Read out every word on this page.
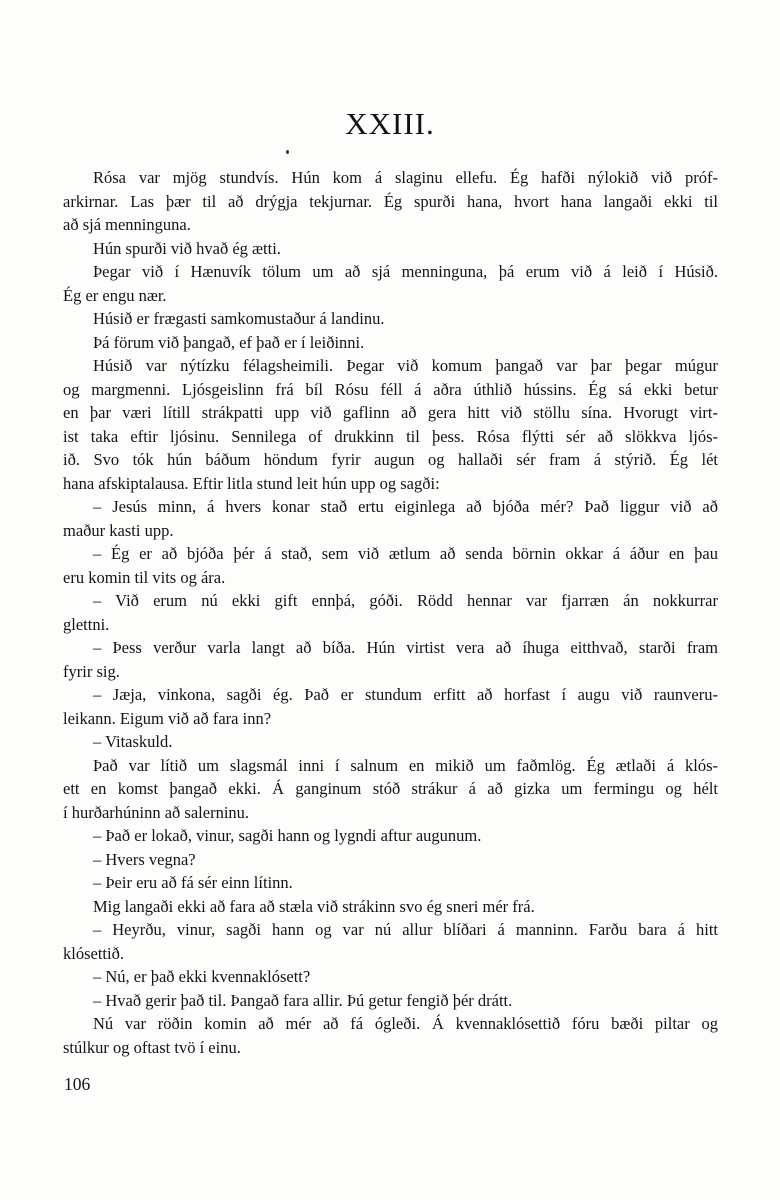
XXIII.
Rósa var mjög stundvís. Hún kom á slaginu ellefu. Ég hafði nýlokið við próf-
arkirnar. Las þær til að drýgja tekjurnar. Ég spurði hana, hvort hana langaði ekki til
að sjá menninguna.
Hún spurði við hvað ég ætti.
Þegar við í Hænuvík tölum um að sjá menninguna, þá erum við á leið í Húsið.
Ég er engu nær.
Húsið er frægasti samkomustaður á landinu.
Þá förum við þangað, ef það er í leiðinni.
Húsið var nýtízku félagsheimili. Þegar við komum þangað var þar þegar múgur
og margmenni. Ljósgeislinn frá bíl Rósu féll á aðra úthlið hússins. Ég sá ekki betur
en þar væri lítill strákpatti upp við gaflinn að gera hitt við stöllu sína. Hvorugt virt-
ist taka eftir ljósinu. Sennilega of drukkinn til þess. Rósa flýtti sér að slökkva ljós-
ið. Svo tók hún báðum höndum fyrir augun og hallaði sér fram á stýrið. Ég lét
hana afskiptalausa. Eftir litla stund leit hún upp og sagði:
– Jesús minn, á hvers konar stað ertu eiginlega að bjóða mér? Það liggur við að
maður kasti upp.
– Ég er að bjóða þér á stað, sem við ætlum að senda börnin okkar á áður en þau
eru komin til vits og ára.
– Við erum nú ekki gift ennþá, góði. Rödd hennar var fjarræn án nokkurrar
glettni.
– Þess verður varla langt að bíða. Hún virtist vera að íhuga eitthvað, starði fram
fyrir sig.
– Jæja, vinkona, sagði ég. Það er stundum erfitt að horfast í augu við raunveru-
leikann. Eigum við að fara inn?
– Vitaskuld.
Það var lítið um slagsmál inni í salnum en mikið um faðmlög. Ég ætlaði á klós-
ett en komst þangað ekki. Á ganginum stóð strákur á að gizka um fermingu og hélt
í hurðarhúninn að salerninu.
– Það er lokað, vinur, sagði hann og lygndi aftur augunum.
– Hvers vegna?
– Þeir eru að fá sér einn lítinn.
Mig langaði ekki að fara að stæla við strákinn svo ég sneri mér frá.
– Heyrðu, vinur, sagði hann og var nú allur blíðari á manninn. Farðu bara á hitt
klósettið.
– Nú, er það ekki kvennaklósett?
– Hvað gerir það til. Þangað fara allir. Þú getur fengið þér drátt.
Nú var röðin komin að mér að fá ógleði. Á kvennaklósettið fóru bæði piltar og
stúlkur og oftast tvö í einu.
106
